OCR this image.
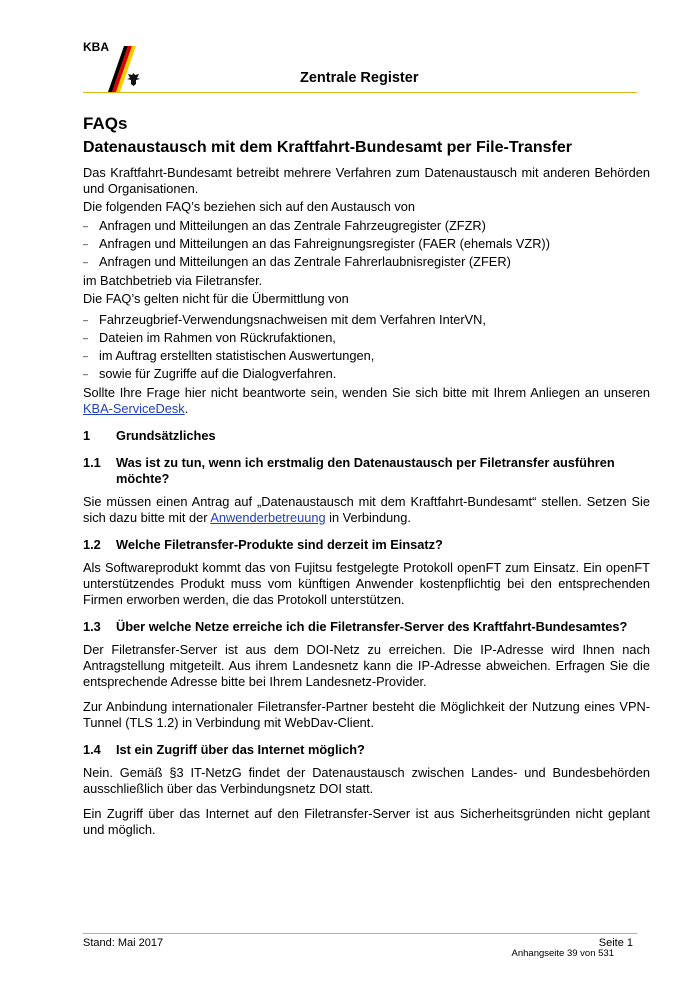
KBA
Zentrale Register
FAQs
Datenaustausch mit dem Kraftfahrt-Bundesamt per File-Transfer

Das Kraftfahrt-Bundesamt betreibt mehrere Verfahren zum Datenaustausch mit anderen Behörden und Organisationen.

Die folgenden FAQ’s beziehen sich auf den Austausch von

– Anfragen und Mitteilungen an das Zentrale Fahrzeugregister (ZFZR)
– Anfragen und Mitteilungen an das Fahreignungsregister (FAER (ehemals VZR))
– Anfragen und Mitteilungen an das Zentrale Fahrerlaubnisregister (ZFER)

im Batchbetrieb via Filetransfer.

Die FAQ’s gelten nicht für die Übermittlung von

– Fahrzeugbrief-Verwendungsnachweisen mit dem Verfahren InterVN,
– Dateien im Rahmen von Rückrufaktionen,
– im Auftrag erstellten statistischen Auswertungen,
– sowie für Zugriffe auf die Dialogverfahren.

Sollte Ihre Frage hier nicht beantworte sein, wenden Sie sich bitte mit Ihrem Anliegen an unseren KBA-ServiceDesk.

1	Grundsätzliches
1.1	Was ist zu tun, wenn ich erstmalig den Datenaustausch per Filetransfer ausführen möchte?

Sie müssen einen Antrag auf „Datenaustausch mit dem Kraftfahrt-Bundesamt“ stellen. Setzen Sie sich dazu bitte mit der Anwenderbetreuung in Verbindung.

1.2	Welche Filetransfer-Produkte sind derzeit im Einsatz?

Als Softwareprodukt kommt das von Fujitsu festgelegte Protokoll openFT zum Einsatz. Ein openFT unterstützendes Produkt muss vom künftigen Anwender kostenpflichtig bei den entsprechenden Firmen erworben werden, die das Protokoll unterstützen.

1.3	Über welche Netze erreiche ich die Filetransfer-Server des Kraftfahrt-Bundesamtes?

Der Filetransfer-Server ist aus dem DOI-Netz zu erreichen. Die IP-Adresse wird Ihnen nach Antragstellung mitgeteilt. Aus ihrem Landesnetz kann die IP-Adresse abweichen. Erfragen Sie die entsprechende Adresse bitte bei Ihrem Landesnetz-Provider.

Zur Anbindung internationaler Filetransfer-Partner besteht die Möglichkeit der Nutzung eines VPN-Tunnel (TLS 1.2) in Verbindung mit WebDav-Client.

1.4	Ist ein Zugriff über das Internet möglich?

Nein. Gemäß §3 IT-NetzG findet der Datenaustausch zwischen Landes- und Bundesbehörden ausschließlich über das Verbindungsnetz DOI statt.

Ein Zugriff über das Internet auf den Filetransfer-Server ist aus Sicherheitsgründen nicht geplant und möglich.

Stand: Mai 2017	Seite 1
Anhangseite 39 von 531
